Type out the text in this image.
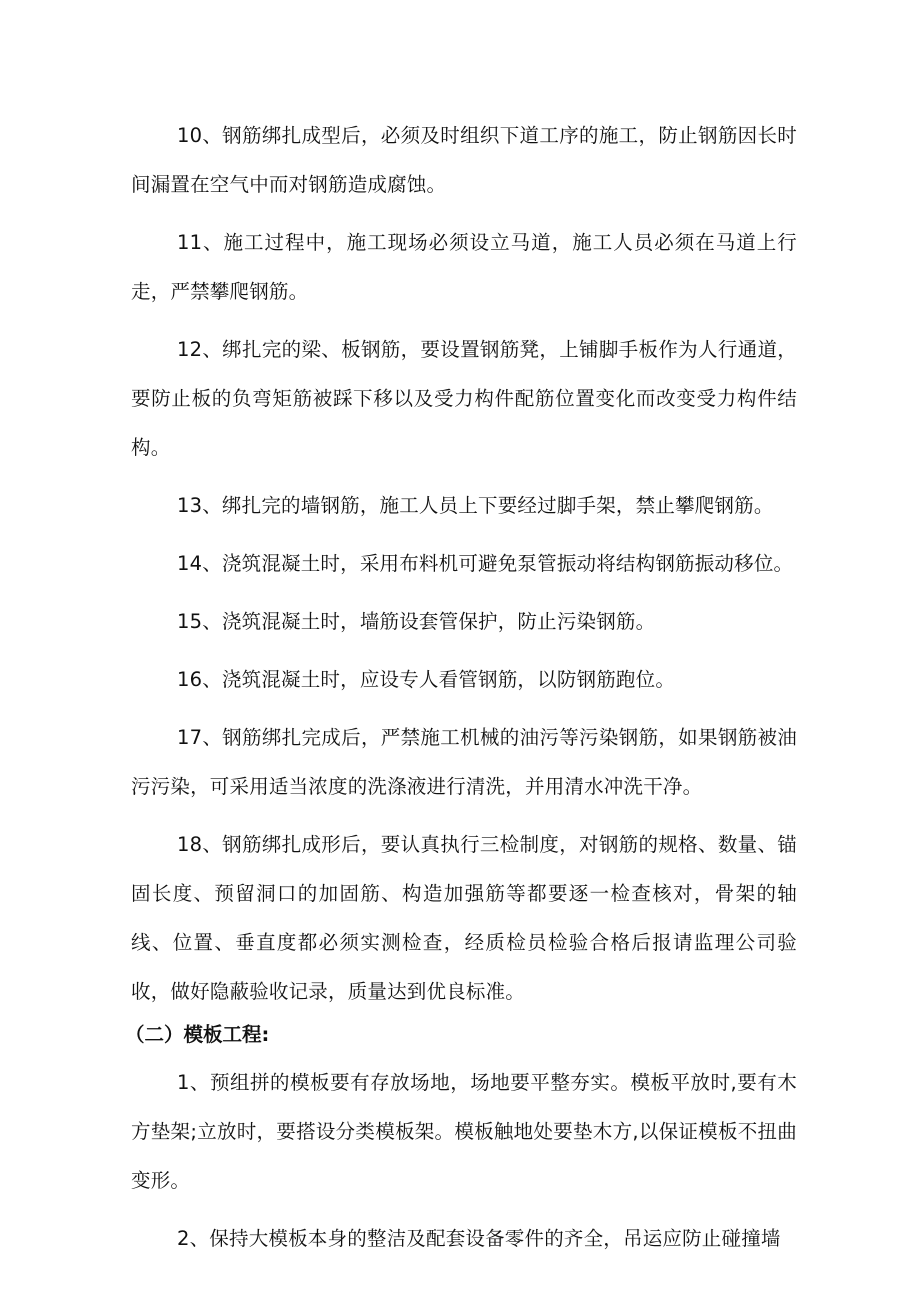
10、钢筋绑扎成型后，必须及时组织下道工序的施工，防止钢筋因长时间漏置在空气中而对钢筋造成腐蚀。

11、施工过程中，施工现场必须设立马道，施工人员必须在马道上行走，严禁攀爬钢筋。

12、绑扎完的梁、板钢筋，要设置钢筋凳，上铺脚手板作为人行通道，要防止板的负弯矩筋被踩下移以及受力构件配筋位置变化而改变受力构件结构。

13、绑扎完的墙钢筋，施工人员上下要经过脚手架，禁止攀爬钢筋。

14、浇筑混凝土时，采用布料机可避免泵管振动将结构钢筋振动移位。

15、浇筑混凝土时，墙筋设套管保护，防止污染钢筋。

16、浇筑混凝土时，应设专人看管钢筋，以防钢筋跑位。

17、钢筋绑扎完成后，严禁施工机械的油污等污染钢筋，如果钢筋被油污污染，可采用适当浓度的洗涤液进行清洗，并用清水冲洗干净。

18、钢筋绑扎成形后，要认真执行三检制度，对钢筋的规格、数量、锚固长度、预留洞口的加固筋、构造加强筋等都要逐一检查核对，骨架的轴线、位置、垂直度都必须实测检查，经质检员检验合格后报请监理公司验收，做好隐蔽验收记录，质量达到优良标准。

（二）模板工程:

1、预组拼的模板要有存放场地，场地要平整夯实。模板平放时,要有木方垫架;立放时，要搭设分类模板架。模板触地处要垫木方,以保证模板不扭曲变形。

2、保持大模板本身的整洁及配套设备零件的齐全，吊运应防止碰撞墙
